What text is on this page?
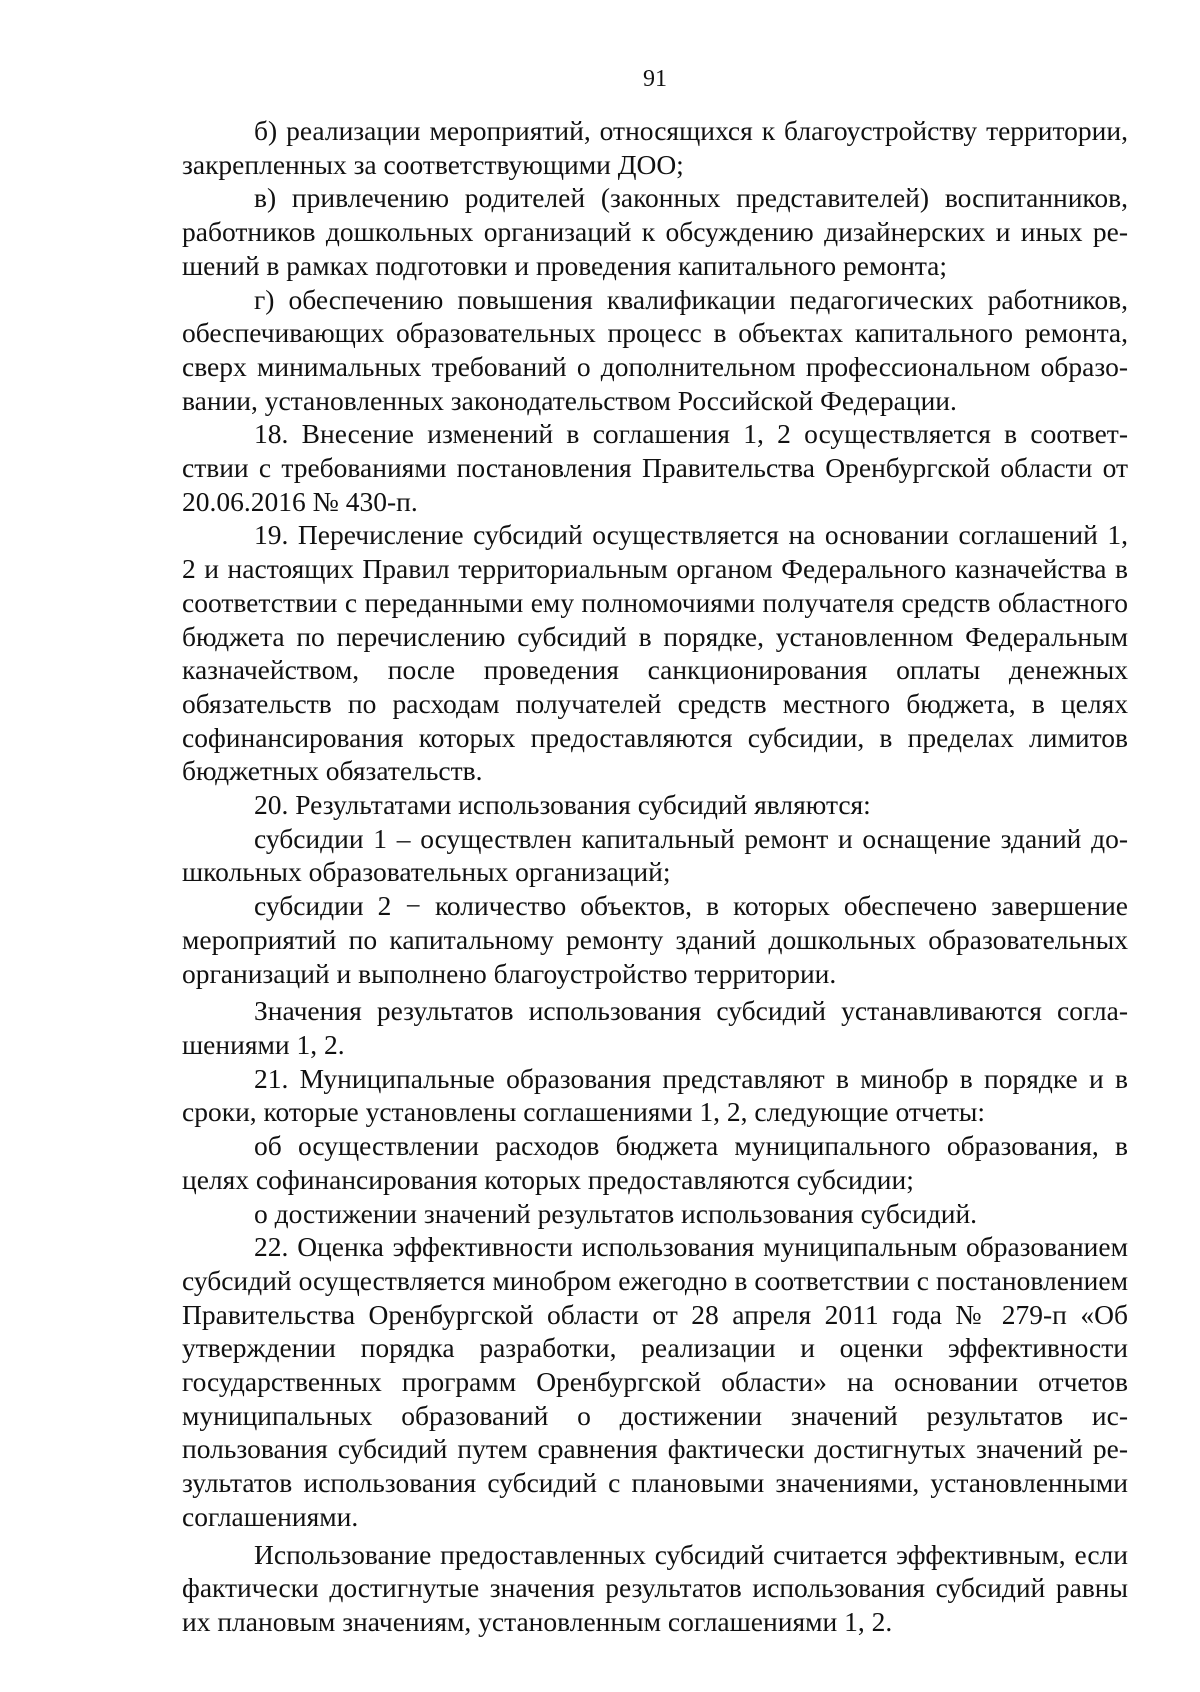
91

б) реализации мероприятий, относящихся к благоустройству территории, закрепленных за соответствующими ДОО;

в) привлечению родителей (законных представителей) воспитанников, работников дошкольных организаций к обсуждению дизайнерских и иных решений в рамках подготовки и проведения капитального ремонта;

г) обеспечению повышения квалификации педагогических работников, обеспечивающих образовательных процесс в объектах капитального ремонта, сверх минимальных требований о дополнительном профессиональном образовании, установленных законодательством Российской Федерации.

18. Внесение изменений в соглашения 1, 2 осуществляется в соответствии с требованиями постановления Правительства Оренбургской области от 20.06.2016 № 430-п.

19. Перечисление субсидий осуществляется на основании соглашений 1, 2 и настоящих Правил территориальным органом Федерального казначейства в соответствии с переданными ему полномочиями получателя средств областного бюджета по перечислению субсидий в порядке, установленном Федеральным казначейством, после проведения санкционирования оплаты денежных обязательств по расходам получателей средств местного бюджета, в целях софинансирования которых предоставляются субсидии, в пределах лимитов бюджетных обязательств.

20. Результатами использования субсидий являются:

субсидии 1 – осуществлен капитальный ремонт и оснащение зданий дошкольных образовательных организаций;

субсидии 2 − количество объектов, в которых обеспечено завершение мероприятий по капитальному ремонту зданий дошкольных образовательных организаций и выполнено благоустройство территории.

Значения результатов использования субсидий устанавливаются соглашениями 1, 2.

21. Муниципальные образования представляют в минобр в порядке и в сроки, которые установлены соглашениями 1, 2, следующие отчеты:

об осуществлении расходов бюджета муниципального образования, в целях софинансирования которых предоставляются субсидии;

о достижении значений результатов использования субсидий.

22. Оценка эффективности использования муниципальным образованием субсидий осуществляется минобром ежегодно в соответствии с постановлением Правительства Оренбургской области от 28 апреля 2011 года № 279-п «Об утверждении порядка разработки, реализации и оценки эффективности государственных программ Оренбургской области» на основании отчетов муниципальных образований о достижении значений результатов использования субсидий путем сравнения фактически достигнутых значений результатов использования субсидий с плановыми значениями, установленными соглашениями.

Использование предоставленных субсидий считается эффективным, если фактически достигнутые значения результатов использования субсидий равны их плановым значениям, установленным соглашениями 1, 2.
